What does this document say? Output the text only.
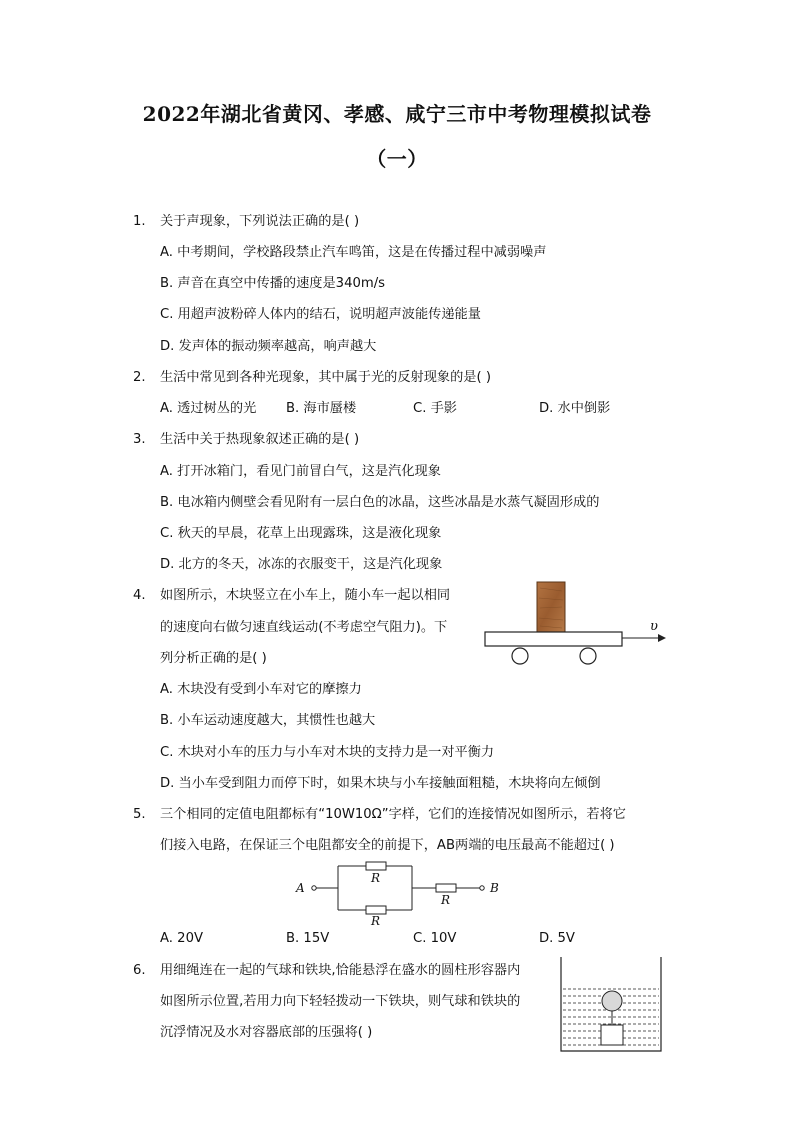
2022年湖北省黄冈、孝感、咸宁三市中考物理模拟试卷
（一）
1.	关于声现象，下列说法正确的是( )
A. 中考期间，学校路段禁止汽车鸣笛，这是在传播过程中减弱噪声
B. 声音在真空中传播的速度是340m/s
C. 用超声波粉碎人体内的结石，说明超声波能传递能量
D. 发声体的振动频率越高，响声越大
2.	生活中常见到各种光现象，其中属于光的反射现象的是( )
A. 透过树丛的光 B. 海市蜃楼	C. 手影	D. 水中倒影
3.	生活中关于热现象叙述正确的是( )
A. 打开冰箱门，看见门前冒白气，这是汽化现象
B. 电冰箱内侧壁会看见附有一层白色的冰晶，这些冰晶是水蒸气凝固形成的
C. 秋天的早晨，花草上出现露珠，这是液化现象
D. 北方的冬天，冰冻的衣服变干，这是汽化现象
4.	如图所示，木块竖立在小车上，随小车一起以相同
的速度向右做匀速直线运动(不考虑空气阻力)。下
列分析正确的是( )
υ
A. 木块没有受到小车对它的摩擦力
B. 小车运动速度越大，其惯性也越大
C. 木块对小车的压力与小车对木块的支持力是一对平衡力
D. 当小车受到阻力而停下时，如果木块与小车接触面粗糙，木块将向左倾倒
5.	三个相同的定值电阻都标有“10W10Ω”字样，它们的连接情况如图所示，若将它
们接入电路，在保证三个电阻都安全的前提下，AB两端的电压最高不能超过( )
A	B
R
R
R
A. 20V	B. 15V	C. 10V	D. 5V
6.	用细绳连在一起的气球和铁块,恰能悬浮在盛水的圆柱形容器内
如图所示位置,若用力向下轻轻拨动一下铁块，则气球和铁块的
沉浮情况及水对容器底部的压强将( )
